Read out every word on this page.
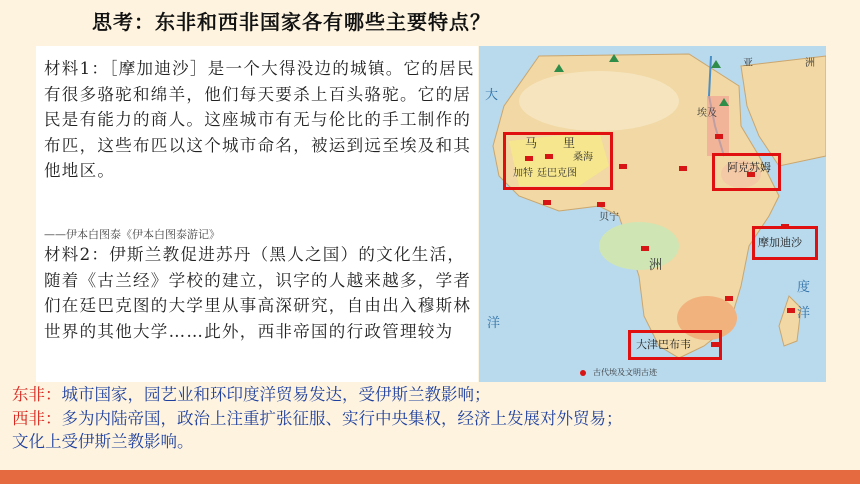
思考：东非和西非国家各有哪些主要特点？
材料1：［摩加迪沙］是一个大得没边的城镇。它的居民有很多骆驼和绵羊，他们每天要杀上百头骆驼。它的居民是有能力的商人。这座城市有无与伦比的手工制作的布匹，这些布匹以这个城市命名，被运到远至埃及和其他地区。
——伊本白图泰《伊本白图泰游记》
材料2：伊斯兰教促进苏丹（黑人之国）的文化生活，随着《古兰经》学校的建立，识字的人越来越多，学者们在廷巴克图的大学里从事高深研究，自由出入穆斯林世界的其他大学……此外，西非帝国的行政管理较为
亚	洲
大
埃及
马 里
桑海
加特 廷巴克图
贝宁
洲
度
洋
洋
阿克苏姆
摩加迪沙
大津巴布韦
古代埃及文明古迹
东非：城市国家，园艺业和环印度洋贸易发达，受伊斯兰教影响；
西非：多为内陆帝国，政治上注重扩张征服、实行中央集权，经济上发展对外贸易；
文化上受伊斯兰教影响。
